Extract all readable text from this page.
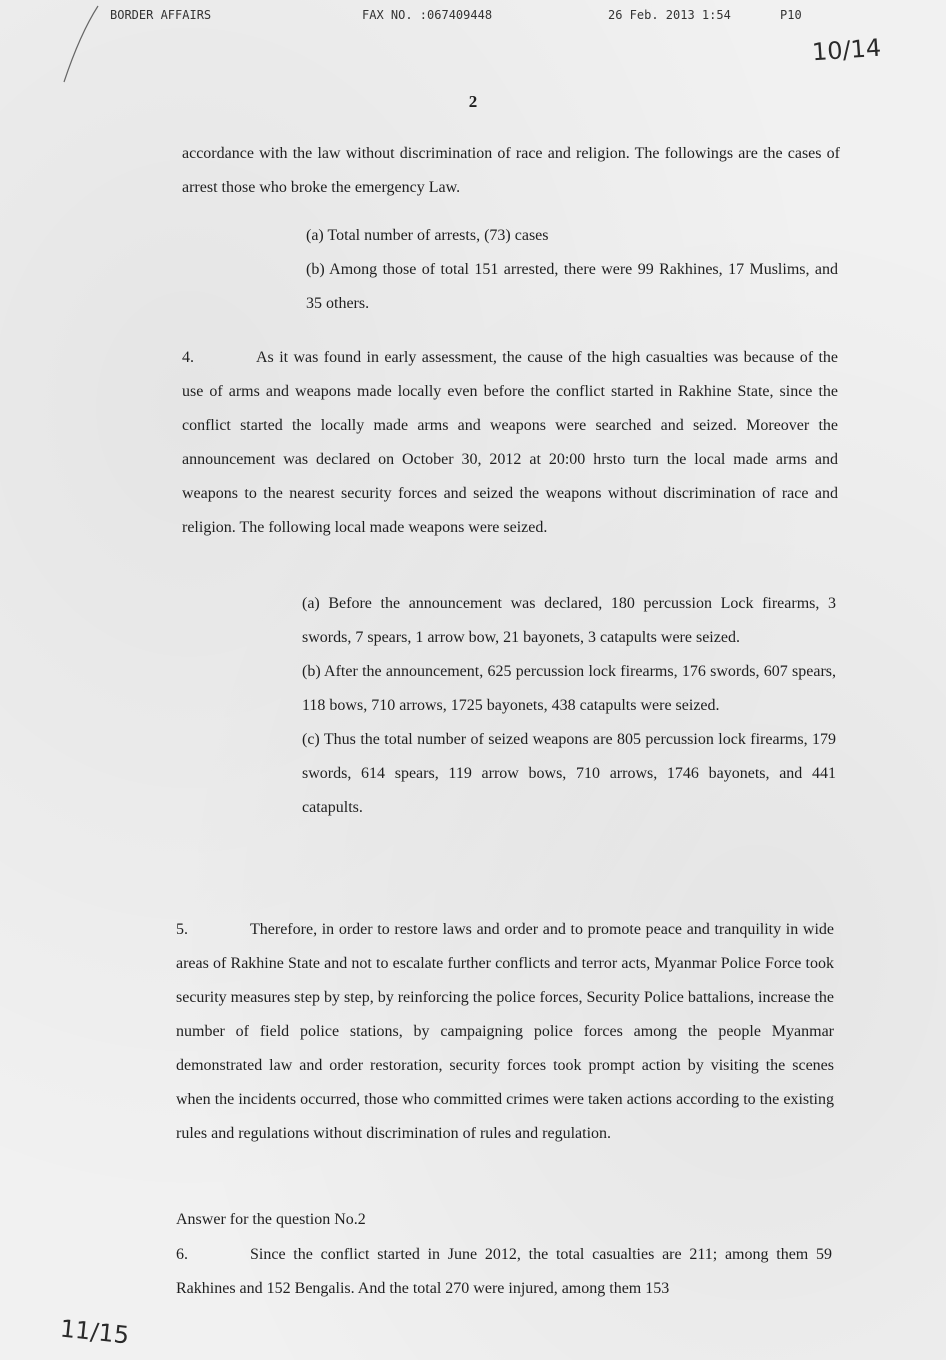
BORDER AFFAIRS	FAX NO. :067409448	26 Feb. 2013 1:54	P10
10/14
2
accordance with the law without discrimination of race and religion. The followings are the cases of arrest those who broke the emergency Law.

(a) Total number of arrests, (73) cases

(b) Among those of total 151 arrested, there were 99 Rakhines, 17 Muslims, and 35 others.

4.	As it was found in early assessment, the cause of the high casualties was because of the use of arms and weapons made locally even before the conflict started in Rakhine State, since the conflict started the locally made arms and weapons were searched and seized. Moreover the announcement was declared on October 30, 2012 at 20:00 hrsto turn the local made arms and weapons to the nearest security forces and seized the weapons without discrimination of race and religion. The following local made weapons were seized.

(a) Before the announcement was declared, 180 percussion Lock firearms, 3 swords, 7 spears, 1 arrow bow, 21 bayonets, 3 catapults were seized.

(b) After the announcement, 625 percussion lock firearms, 176 swords, 607 spears, 118 bows, 710 arrows, 1725 bayonets, 438 catapults were seized.

(c) Thus the total number of seized weapons are 805 percussion lock firearms, 179 swords, 614 spears, 119 arrow bows, 710 arrows, 1746 bayonets, and 441 catapults.

5.	Therefore, in order to restore laws and order and to promote peace and tranquility in wide areas of Rakhine State and not to escalate further conflicts and terror acts, Myanmar Police Force took security measures step by step, by reinforcing the police forces, Security Police battalions, increase the number of field police stations, by campaigning police forces among the people Myanmar demonstrated law and order restoration, security forces took prompt action by visiting the scenes when the incidents occurred, those who committed crimes were taken actions according to the existing rules and regulations without discrimination of rules and regulation.
Answer for the question No.2
6.	Since the conflict started in June 2012, the total casualties are 211; among them 59 Rakhines and 152 Bengalis. And the total 270 were injured, among them 153
11/15
